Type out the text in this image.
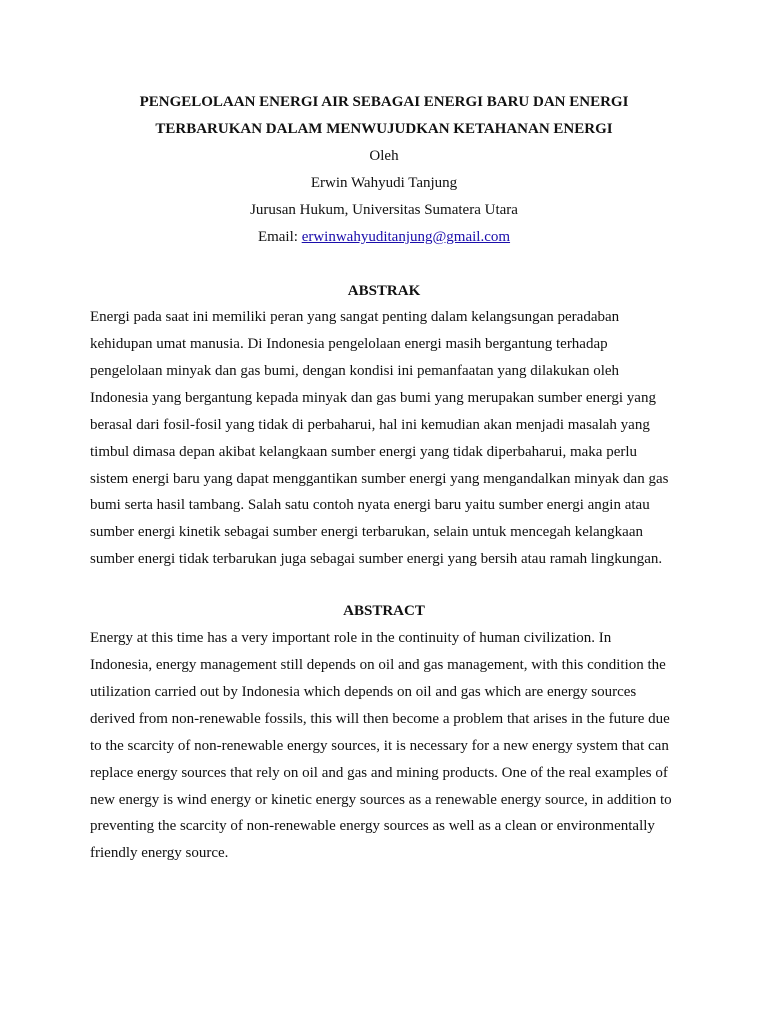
PENGELOLAAN ENERGI AIR SEBAGAI ENERGI BARU DAN ENERGI
TERBARUKAN DALAM MENWUJUDKAN KETAHANAN ENERGI
Oleh
Erwin Wahyudi Tanjung
Jurusan Hukum, Universitas Sumatera Utara
Email: erwinwahyuditanjung@gmail.com
ABSTRAK
Energi pada saat ini memiliki peran yang sangat penting dalam kelangsungan peradaban
kehidupan umat manusia. Di Indonesia pengelolaan energi masih bergantung terhadap
pengelolaan minyak dan gas bumi, dengan kondisi ini pemanfaatan yang dilakukan oleh
Indonesia yang bergantung kepada minyak dan gas bumi yang merupakan sumber energi yang
berasal dari fosil-fosil yang tidak di perbaharui, hal ini kemudian akan menjadi masalah yang
timbul dimasa depan akibat kelangkaan sumber energi yang tidak diperbaharui, maka perlu
sistem energi baru yang dapat menggantikan sumber energi yang mengandalkan minyak dan gas
bumi serta hasil tambang. Salah satu contoh nyata energi baru yaitu sumber energi angin atau
sumber energi kinetik sebagai sumber energi terbarukan, selain untuk mencegah kelangkaan
sumber energi tidak terbarukan juga sebagai sumber energi yang bersih atau ramah lingkungan.
ABSTRACT
Energy at this time has a very important role in the continuity of human civilization. In
Indonesia, energy management still depends on oil and gas management, with this condition the
utilization carried out by Indonesia which depends on oil and gas which are energy sources
derived from non-renewable fossils, this will then become a problem that arises in the future due
to the scarcity of non-renewable energy sources, it is necessary for a new energy system that can
replace energy sources that rely on oil and gas and mining products. One of the real examples of
new energy is wind energy or kinetic energy sources as a renewable energy source, in addition to
preventing the scarcity of non-renewable energy sources as well as a clean or environmentally
friendly energy source.
